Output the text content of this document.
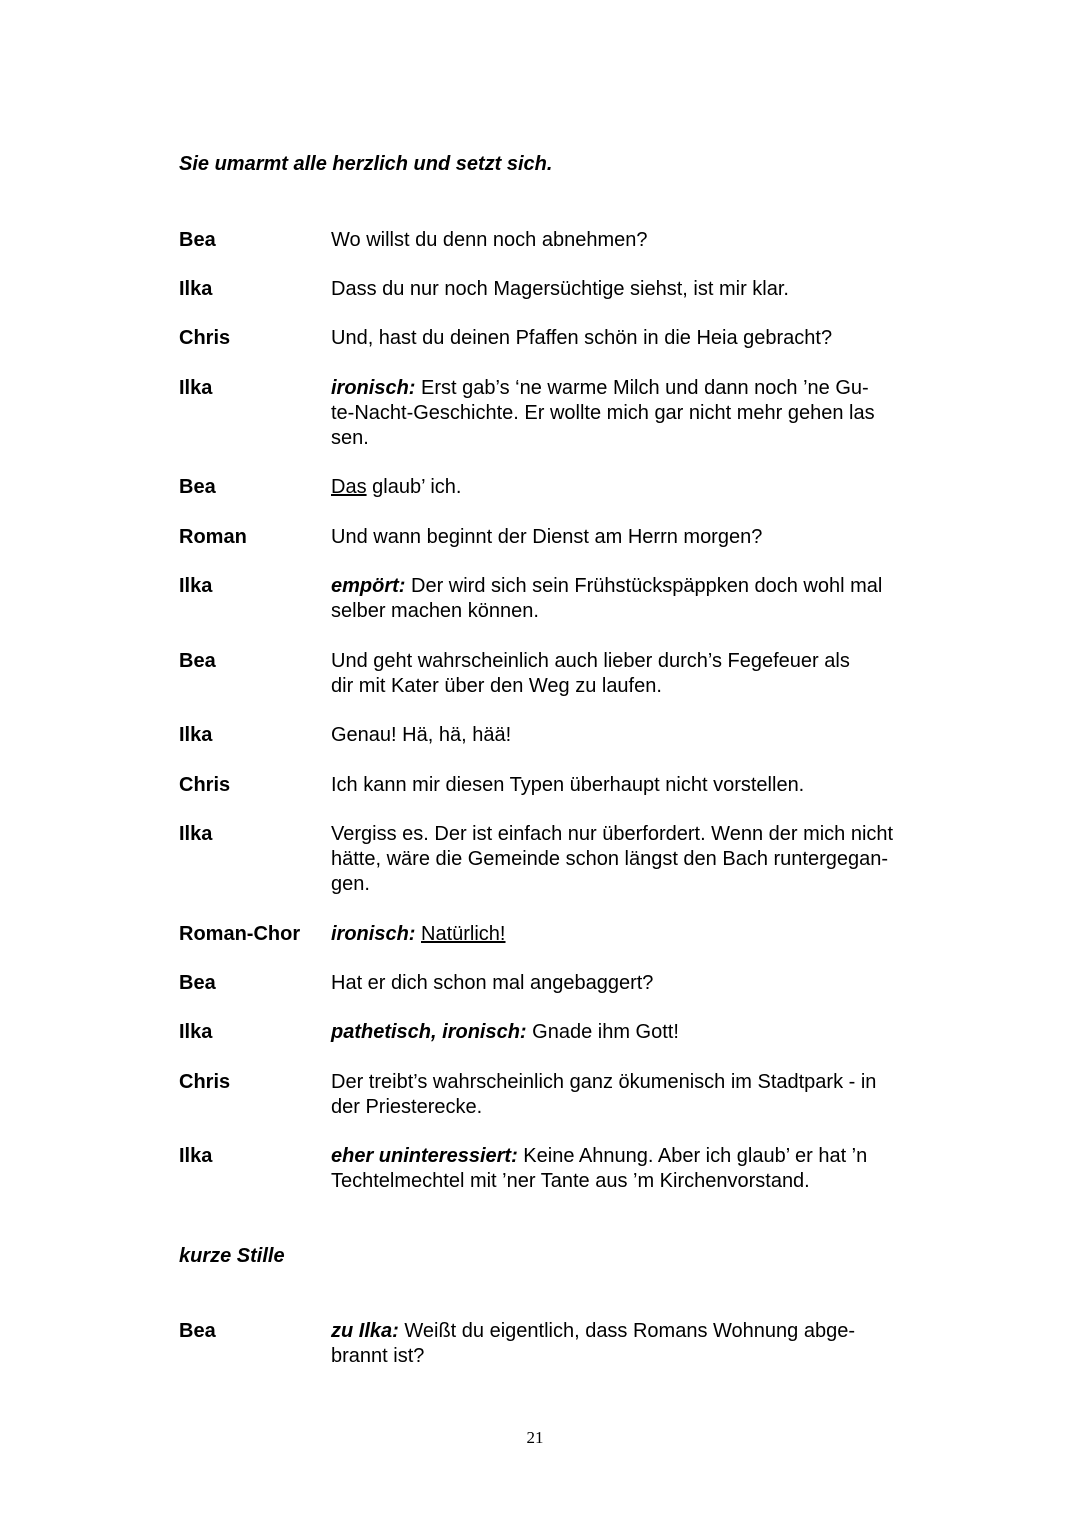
Sie umarmt alle herzlich und setzt sich.
Bea	Wo willst du denn noch abnehmen?
Ilka	Dass du nur noch Magersüchtige siehst, ist mir klar.
Chris	Und, hast du deinen Pfaffen schön in die Heia gebracht?
Ilka	ironisch: Erst gab’s ‘ne warme Milch und dann noch ’ne Gu-
te-Nacht-Geschichte. Er wollte mich gar nicht mehr gehen las
sen.
Bea	Das glaub’ ich.
Roman	Und wann beginnt der Dienst am Herrn morgen?
Ilka	empört: Der wird sich sein Frühstückspäppken doch wohl mal
selber machen können.
Bea	Und geht wahrscheinlich auch lieber durch’s Fegefeuer als
dir mit Kater über den Weg zu laufen.
Ilka	Genau! Hä, hä, hää!
Chris	Ich kann mir diesen Typen überhaupt nicht vorstellen.
Ilka	Vergiss es. Der ist einfach nur überfordert. Wenn der mich nicht
hätte, wäre die Gemeinde schon längst den Bach runtergegan-
gen.
Roman-Chor	ironisch: Natürlich!
Bea	Hat er dich schon mal angebaggert?
Ilka	pathetisch, ironisch: Gnade ihm Gott!
Chris	Der treibt’s wahrscheinlich ganz ökumenisch im Stadtpark - in
der Priesterecke.
Ilka	eher uninteressiert: Keine Ahnung. Aber ich glaub’ er hat ’n
Techtelmechtel mit ’ner Tante aus ’m Kirchenvorstand.
kurze Stille
Bea	zu Ilka: Weißt du eigentlich, dass Romans Wohnung abge-
brannt ist?
21
